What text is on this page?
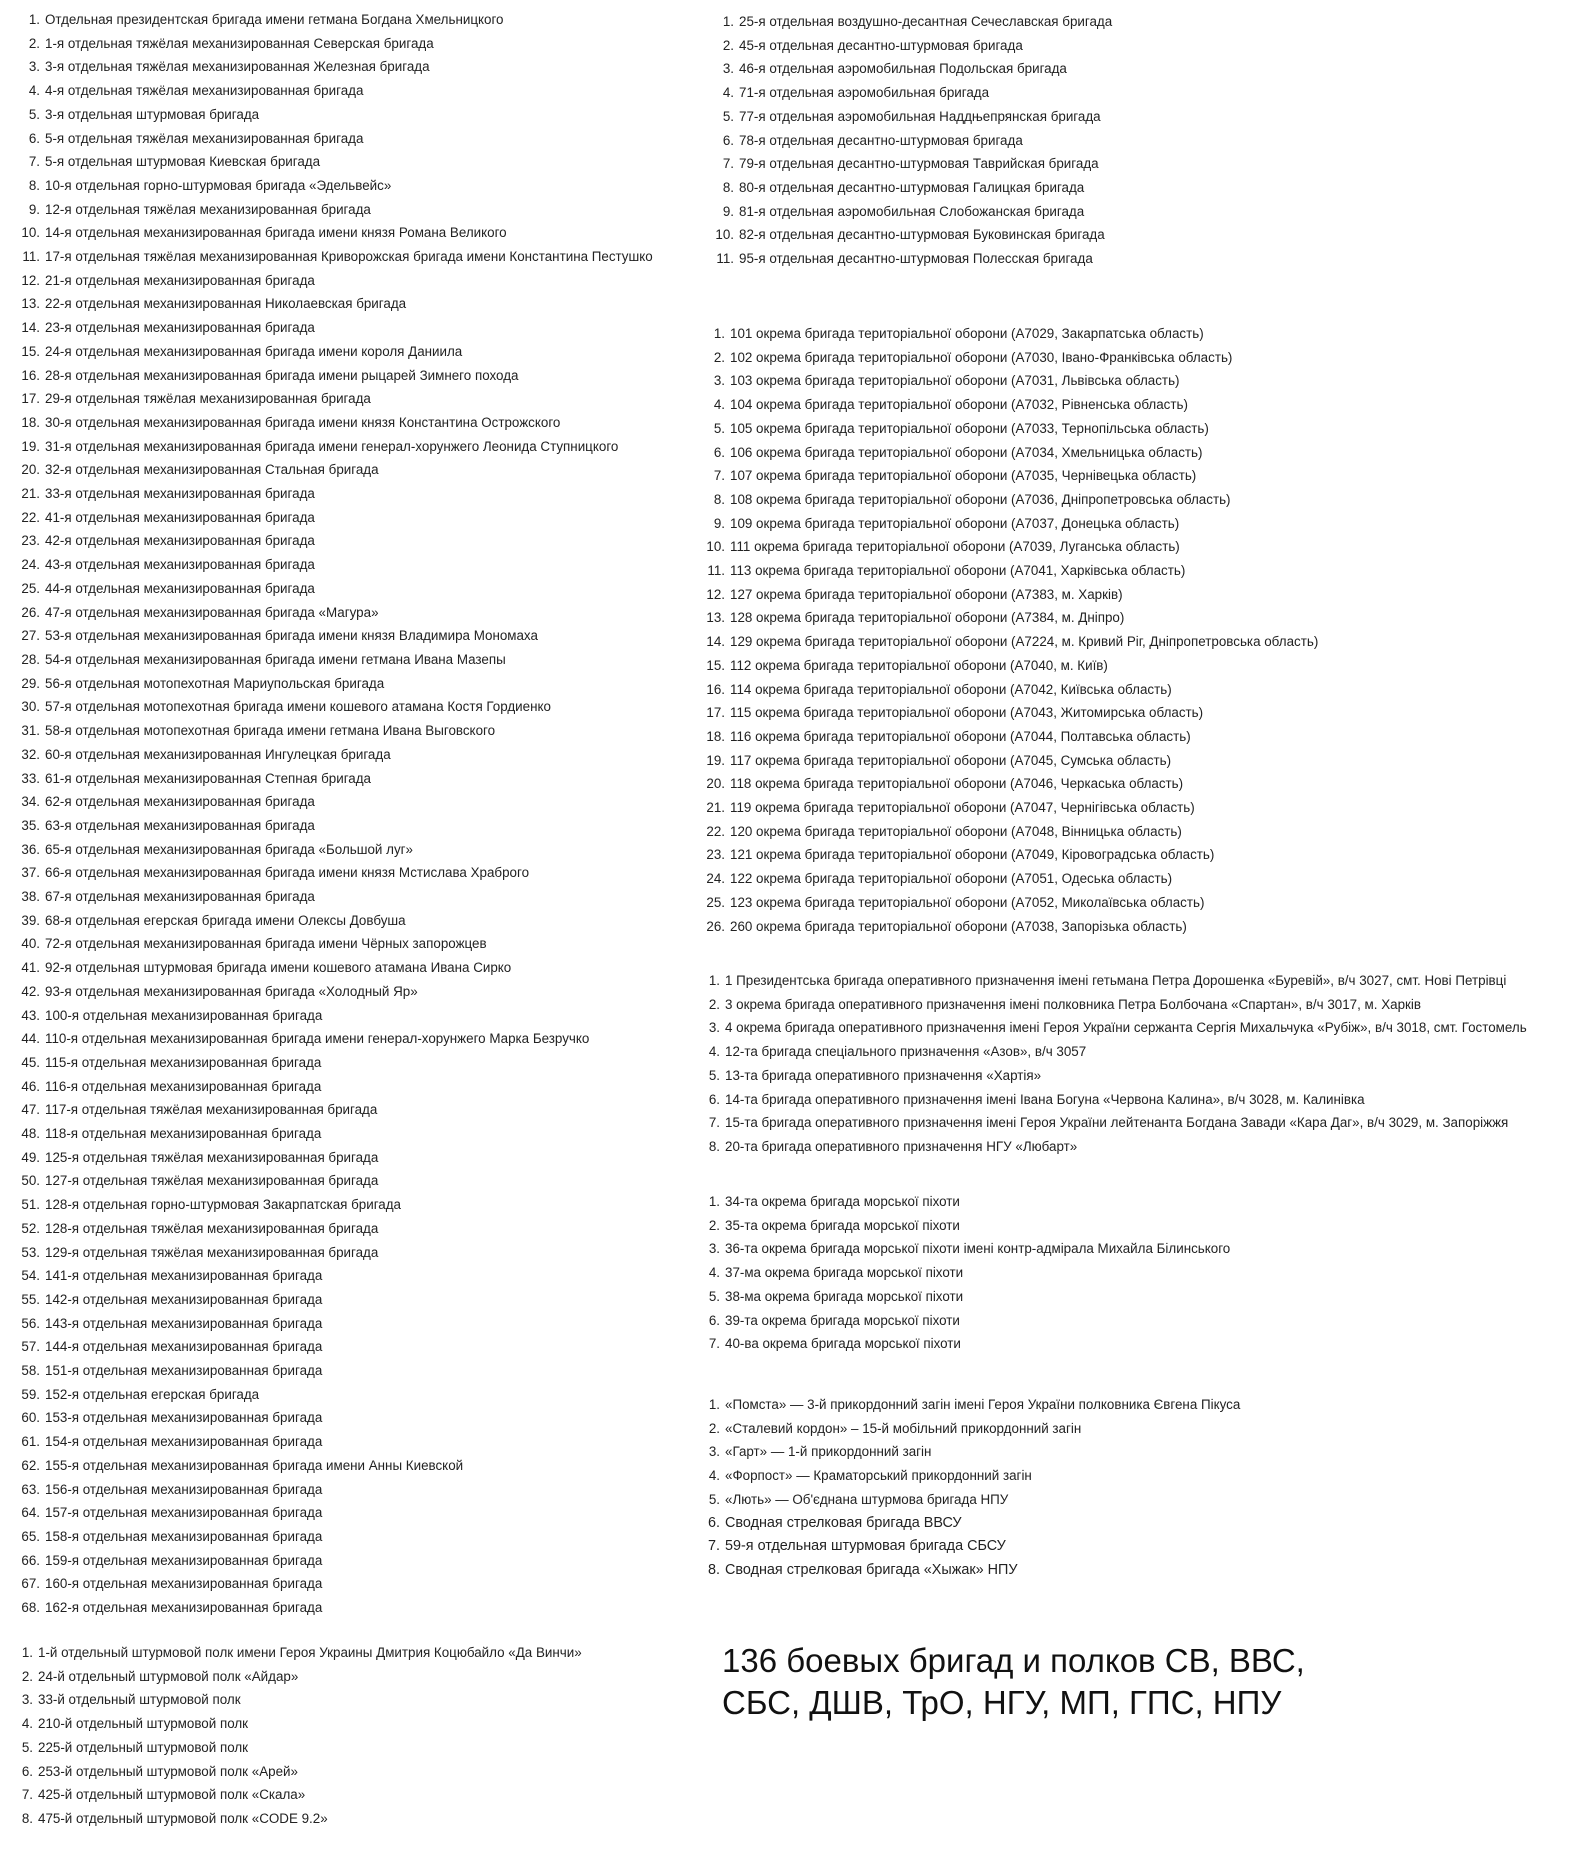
1. Отдельная президентская бригада имени гетмана Богдана Хмельницкого
2. 1-я отдельная тяжёлая механизированная Северская бригада
3. 3-я отдельная тяжёлая механизированная Железная бригада
4. 4-я отдельная тяжёлая механизированная бригада
5. 3-я отдельная штурмовая бригада
6. 5-я отдельная тяжёлая механизированная бригада
7. 5-я отдельная штурмовая Киевская бригада
8. 10-я отдельная горно-штурмовая бригада «Эдельвейс»
9. 12-я отдельная тяжёлая механизированная бригада
10. 14-я отдельная механизированная бригада имени князя Романа Великого
11. 17-я отдельная тяжёлая механизированная Криворожская бригада имени Константина Пестушко
12. 21-я отдельная механизированная бригада
13. 22-я отдельная механизированная Николаевская бригада
14. 23-я отдельная механизированная бригада
15. 24-я отдельная механизированная бригада имени короля Даниила
16. 28-я отдельная механизированная бригада имени рыцарей Зимнего похода
17. 29-я отдельная тяжёлая механизированная бригада
18. 30-я отдельная механизированная бригада имени князя Константина Острожского
19. 31-я отдельная механизированная бригада имени генерал-хорунжего Леонида Ступницкого
20. 32-я отдельная механизированная Стальная бригада
21. 33-я отдельная механизированная бригада
22. 41-я отдельная механизированная бригада
23. 42-я отдельная механизированная бригада
24. 43-я отдельная механизированная бригада
25. 44-я отдельная механизированная бригада
26. 47-я отдельная механизированная бригада «Магура»
27. 53-я отдельная механизированная бригада имени князя Владимира Мономаха
28. 54-я отдельная механизированная бригада имени гетмана Ивана Мазепы
29. 56-я отдельная мотопехотная Мариупольская бригада
30. 57-я отдельная мотопехотная бригада имени кошевого атамана Костя Гордиенко
31. 58-я отдельная мотопехотная бригада имени гетмана Ивана Выговского
32. 60-я отдельная механизированная Ингулецкая бригада
33. 61-я отдельная механизированная Степная бригада
34. 62-я отдельная механизированная бригада
35. 63-я отдельная механизированная бригада
36. 65-я отдельная механизированная бригада «Большой луг»
37. 66-я отдельная механизированная бригада имени князя Мстислава Храброго
38. 67-я отдельная механизированная бригада
39. 68-я отдельная егерская бригада имени Олексы Довбуша
40. 72-я отдельная механизированная бригада имени Чёрных запорожцев
41. 92-я отдельная штурмовая бригада имени кошевого атамана Ивана Сирко
42. 93-я отдельная механизированная бригада «Холодный Яр»
43. 100-я отдельная механизированная бригада
44. 110-я отдельная механизированная бригада имени генерал-хорунжего Марка Безручко
45. 115-я отдельная механизированная бригада
46. 116-я отдельная механизированная бригада
47. 117-я отдельная тяжёлая механизированная бригада
48. 118-я отдельная механизированная бригада
49. 125-я отдельная тяжёлая механизированная бригада
50. 127-я отдельная тяжёлая механизированная бригада
51. 128-я отдельная горно-штурмовая Закарпатская бригада
52. 128-я отдельная тяжёлая механизированная бригада
53. 129-я отдельная тяжёлая механизированная бригада
54. 141-я отдельная механизированная бригада
55. 142-я отдельная механизированная бригада
56. 143-я отдельная механизированная бригада
57. 144-я отдельная механизированная бригада
58. 151-я отдельная механизированная бригада
59. 152-я отдельная егерская бригада
60. 153-я отдельная механизированная бригада
61. 154-я отдельная механизированная бригада
62. 155-я отдельная механизированная бригада имени Анны Киевской
63. 156-я отдельная механизированная бригада
64. 157-я отдельная механизированная бригада
65. 158-я отдельная механизированная бригада
66. 159-я отдельная механизированная бригада
67. 160-я отдельная механизированная бригада
68. 162-я отдельная механизированная бригада
1. 1-й отдельный штурмовой полк имени Героя Украины Дмитрия Коцюбайло «Да Винчи»
2. 24-й отдельный штурмовой полк «Айдар»
3. 33-й отдельный штурмовой полк
4. 210-й отдельный штурмовой полк
5. 225-й отдельный штурмовой полк
6. 253-й отдельный штурмовой полк «Арей»
7. 425-й отдельный штурмовой полк «Скала»
8. 475-й отдельный штурмовой полк «CODE 9.2»
1. 25-я отдельная воздушно-десантная Сечеславская бригада
2. 45-я отдельная десантно-штурмовая бригада
3. 46-я отдельная аэромобильная Подольская бригада
4. 71-я отдельная аэромобильная бригада
5. 77-я отдельная аэромобильная Наддњепрянская бригада
6. 78-я отдельная десантно-штурмовая бригада
7. 79-я отдельная десантно-штурмовая Таврийская бригада
8. 80-я отдельная десантно-штурмовая Галицкая бригада
9. 81-я отдельная аэромобильная Слобожанская бригада
10. 82-я отдельная десантно-штурмовая Буковинская бригада
11. 95-я отдельная десантно-штурмовая Полесская бригада
1. 101 окрема бригада територіальної оборони (А7029, Закарпатська область)
2. 102 окрема бригада територіальної оборони (А7030, Івано-Франківська область)
3. 103 окрема бригада територіальної оборони (А7031, Львівська область)
4. 104 окрема бригада територіальної оборони (А7032, Рівненська область)
5. 105 окрема бригада територіальної оборони (А7033, Тернопільська область)
6. 106 окрема бригада територіальної оборони (А7034, Хмельницька область)
7. 107 окрема бригада територіальної оборони (А7035, Чернівецька область)
8. 108 окрема бригада територіальної оборони (А7036, Дніпропетровська область)
9. 109 окрема бригада територіальної оборони (А7037, Донецька область)
10. 111 окрема бригада територіальної оборони (А7039, Луганська область)
11. 113 окрема бригада територіальної оборони (А7041, Харківська область)
12. 127 окрема бригада територіальної оборони (А7383, м. Харків)
13. 128 окрема бригада територіальної оборони (А7384, м. Дніпро)
14. 129 окрема бригада територіальної оборони (А7224, м. Кривий Ріг, Дніпропетровська область)
15. 112 окрема бригада територіальної оборони (А7040, м. Київ)
16. 114 окрема бригада територіальної оборони (А7042, Київська область)
17. 115 окрема бригада територіальної оборони (А7043, Житомирська область)
18. 116 окрема бригада територіальної оборони (А7044, Полтавська область)
19. 117 окрема бригада територіальної оборони (А7045, Сумська область)
20. 118 окрема бригада територіальної оборони (А7046, Черкаська область)
21. 119 окрема бригада територіальної оборони (А7047, Чернігівська область)
22. 120 окрема бригада територіальної оборони (А7048, Вінницька область)
23. 121 окрема бригада територіальної оборони (А7049, Кіровоградська область)
24. 122 окрема бригада територіальної оборони (А7051, Одеська область)
25. 123 окрема бригада територіальної оборони (А7052, Миколаївська область)
26. 260 окрема бригада територіальної оборони (А7038, Запорізька область)
1. 1 Президентська бригада оперативного призначення імені гетьмана Петра Дорошенка «Буревій», в/ч 3027, смт. Нові Петрівці
2. 3 окрема бригада оперативного призначення імені полковника Петра Болбочана «Спартан», в/ч 3017, м. Харків
3. 4 окрема бригада оперативного призначення імені Героя України сержанта Сергія Михальчука «Рубіж», в/ч 3018, смт. Гостомель
4. 12-та бригада спеціального призначення «Азов», в/ч 3057
5. 13-та бригада оперативного призначення «Хартія»
6. 14-та бригада оперативного призначення імені Івана Богуна «Червона Калина», в/ч 3028, м. Калинівка
7. 15-та бригада оперативного призначення імені Героя України лейтенанта Богдана Завади «Кара Даг», в/ч 3029, м. Запоріжжя
8. 20-та бригада оперативного призначення НГУ «Любарт»
1. 34-та окрема бригада морської піхоти
2. 35-та окрема бригада морської піхоти
3. 36-та окрема бригада морської піхоти імені контр-адмірала Михайла Білинського
4. 37-ма окрема бригада морської піхоти
5. 38-ма окрема бригада морської піхоти
6. 39-та окрема бригада морської піхоти
7. 40-ва окрема бригада морської піхоти
1. «Помста» — 3-й прикордонний загін імені Героя України полковника Євгена Пікуса
2. «Сталевий кордон» – 15-й мобільний прикордонний загін
3. «Гарт» — 1-й прикордонний загін
4. «Форпост» — Краматорський прикордонний загін
5. «Лють» — Об'єднана штурмова бригада НПУ
6. Сводная стрелковая бригада ВВСУ
7. 59-я отдельная штурмовая бригада СБСУ
8. Сводная стрелковая бригада «Хыжак» НПУ
136 боевых бригад и полков СВ, ВВС,
СБС, ДШВ, ТрО, НГУ, МП, ГПС, НПУ
